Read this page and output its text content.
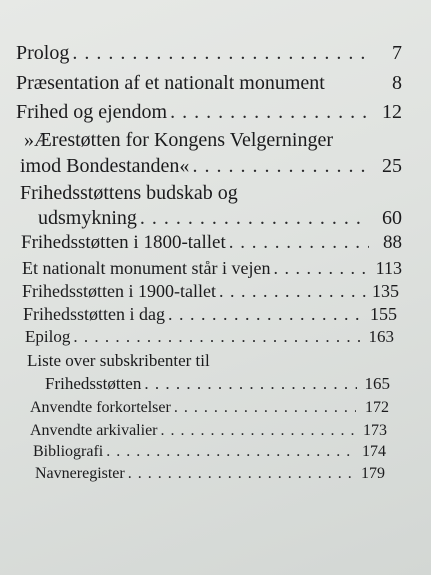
Prolog . . .	7
Præsentation af et nationalt monument	8
Frihed og ejendom . . .	12
»Ærestøtten for Kongens Velgerninger
imod Bondestanden« . . .	25
Frihedsstøttens budskab og
udsmykning . . .	60
Frihedsstøtten i 1800-tallet . . .	88
Et nationalt monument står i vejen . . .	113
Frihedsstøtten i 1900-tallet . . .	135
Frihedsstøtten i dag . . .	155
Epilog . . .	163
Liste over subskribenter til
Frihedsstøtten . . .	165
Anvendte forkortelser . . .	172
Anvendte arkivalier . . .	173
Bibliografi . . .	174
Navneregister . . .	179
